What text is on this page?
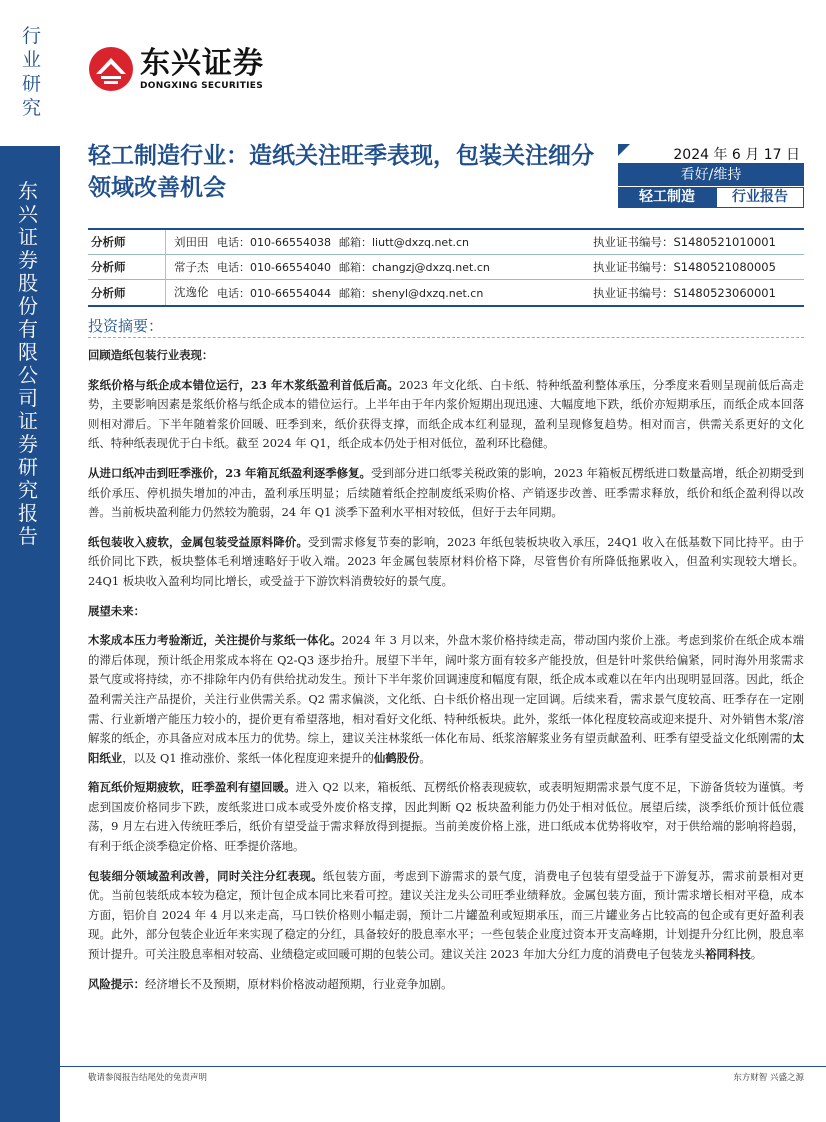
行业研究
东兴证券股份有限公司证券研究报告
东兴证券
DONGXING SECURITIES
轻工制造行业：造纸关注旺季表现，包装关注细分领域改善机会
2024 年 6 月 17 日
看好/维持
轻工制造	行业报告
分析师	刘田田 电话：010-66554038 邮箱：liutt@dxzq.net.cn	执业证书编号：S1480521010001
分析师	常子杰 电话：010-66554040 邮箱：changzj@dxzq.net.cn	执业证书编号：S1480521080005
分析师	沈逸伦 电话：010-66554044 邮箱：shenyl@dxzq.net.cn	执业证书编号：S1480523060001
投资摘要：

回顾造纸包装行业表现：

浆纸价格与纸企成本错位运行，23 年木浆纸盈利首低后高。2023 年文化纸、白卡纸、特种纸盈利整体承压，分季度来看则呈现前低后高走势，主要影响因素是浆纸价格与纸企成本的错位运行。上半年由于年内浆价短期出现迅速、大幅度地下跌，纸价亦短期承压，而纸企成本回落则相对滞后。下半年随着浆价回暖、旺季到来，纸价获得支撑，而纸企成本红利显现，盈利呈现修复趋势。相对而言，供需关系更好的文化纸、特种纸表现优于白卡纸。截至 2024 年 Q1，纸企成本仍处于相对低位，盈利环比稳健。

从进口纸冲击到旺季涨价，23 年箱瓦纸盈利逐季修复。受到部分进口纸零关税政策的影响，2023 年箱板瓦楞纸进口数量高增，纸企初期受到纸价承压、停机损失增加的冲击，盈利承压明显；后续随着纸企控制废纸采购价格、产销逐步改善、旺季需求释放，纸价和纸企盈利得以改善。当前板块盈利能力仍然较为脆弱，24 年 Q1 淡季下盈利水平相对较低，但好于去年同期。

纸包装收入疲软，金属包装受益原料降价。受到需求修复节奏的影响，2023 年纸包装板块收入承压，24Q1 收入在低基数下同比持平。由于纸价同比下跌，板块整体毛利增速略好于收入端。2023 年金属包装原材料价格下降，尽管售价有所降低拖累收入，但盈利实现较大增长。24Q1 板块收入盈利均同比增长，或受益于下游饮料消费较好的景气度。

展望未来：

木浆成本压力考验渐近，关注提价与浆纸一体化。2024 年 3 月以来，外盘木浆价格持续走高，带动国内浆价上涨。考虑到浆价在纸企成本端的滞后体现，预计纸企用浆成本将在 Q2-Q3 逐步抬升。展望下半年，阔叶浆方面有较多产能投放，但是针叶浆供给偏紧，同时海外用浆需求景气度或将持续，亦不排除年内仍有供给扰动发生。预计下半年浆价回调速度和幅度有限，纸企成本或难以在年内出现明显回落。因此，纸企盈利需关注产品提价，关注行业供需关系。Q2 需求偏淡，文化纸、白卡纸价格出现一定回调。后续来看，需求景气度较高、旺季存在一定刚需、行业新增产能压力较小的，提价更有希望落地，相对看好文化纸、特种纸板块。此外，浆纸一体化程度较高或迎来提升、对外销售木浆/溶解浆的纸企，亦具备应对成本压力的优势。综上，建议关注林浆纸一体化布局、纸浆溶解浆业务有望贡献盈利、旺季有望受益文化纸刚需的太阳纸业，以及 Q1 推动涨价、浆纸一体化程度迎来提升的仙鹤股份。

箱瓦纸价短期疲软，旺季盈利有望回暖。进入 Q2 以来，箱板纸、瓦楞纸价格表现疲软，或表明短期需求景气度不足，下游备货较为谨慎。考虑到国废价格同步下跌，废纸浆进口成本或受外废价格支撑，因此判断 Q2 板块盈利能力仍处于相对低位。展望后续，淡季纸价预计低位震荡，9 月左右进入传统旺季后，纸价有望受益于需求释放得到提振。当前美废价格上涨，进口纸成本优势将收窄，对于供给端的影响将趋弱，有利于纸企淡季稳定价格、旺季提价落地。

包装细分领域盈利改善，同时关注分红表现。纸包装方面，考虑到下游需求的景气度，消费电子包装有望受益于下游复苏，需求前景相对更优。当前包装纸成本较为稳定，预计包企成本同比来看可控。建议关注龙头公司旺季业绩释放。金属包装方面，预计需求增长相对平稳，成本方面，铝价自 2024 年 4 月以来走高，马口铁价格则小幅走弱，预计二片罐盈利或短期承压，而三片罐业务占比较高的包企或有更好盈利表现。此外，部分包装企业近年来实现了稳定的分红，具备较好的股息率水平；一些包装企业度过资本开支高峰期，计划提升分红比例，股息率预计提升。可关注股息率相对较高、业绩稳定或回暖可期的包装公司。建议关注 2023 年加大分红力度的消费电子包装龙头裕同科技。

风险提示：经济增长不及预期，原材料价格波动超预期，行业竞争加剧。

敬请参阅报告结尾处的免责声明	东方财智 兴盛之源
